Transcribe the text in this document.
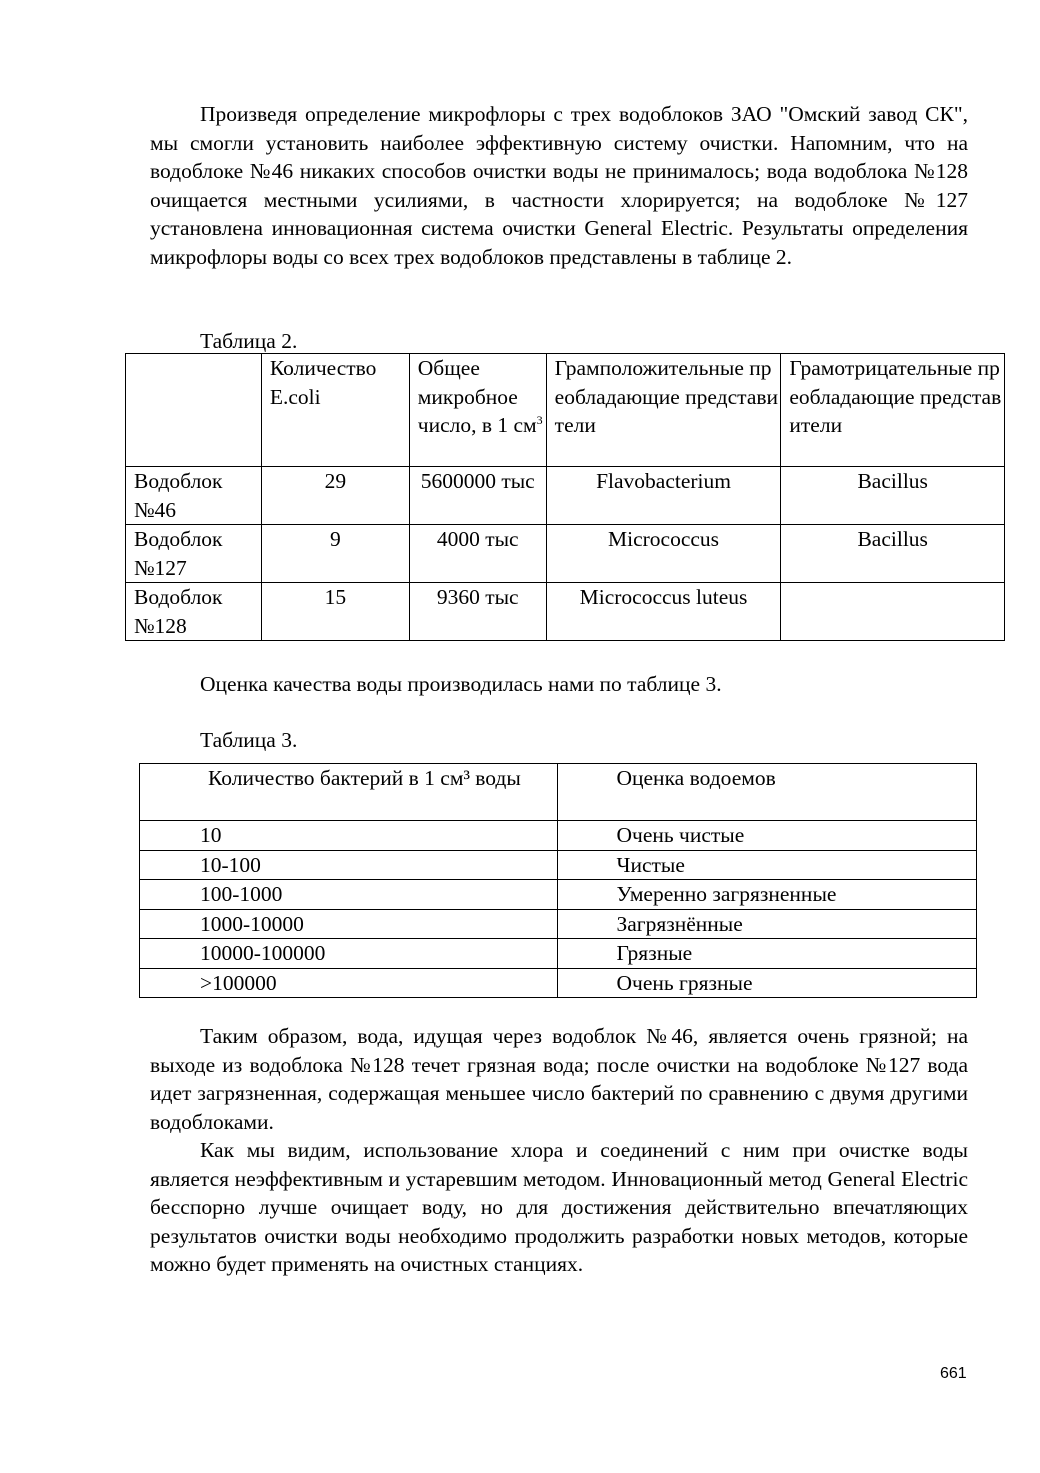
Произведя определение микрофлоры с трех водоблоков ЗАО "Омский завод СК", мы смогли установить наиболее эффективную систему очистки. Напомним, что на водоблоке №46 никаких способов очистки воды не принималось; вода водоблока №128 очищается местными усилиями, в частности хлорируется; на водоблоке №127 установлена инновационная система очистки General Electric. Результаты определения микрофлоры воды со всех трех водоблоков представлены в таблице 2.

Таблица 2.

	Количество E.coli	Общее микробное число, в 1 $см^3$	Грамположительные преобладающие представители	Грамотрицательные преобладающие представители
Водоблок №46	29	5600000 тыс	Flavobacterium	Bacillus
Водоблок №127	9	4000 тыс	Micrococcus	Bacillus
Водоблок №128	15	9360 тыс	Micrococcus luteus	

Оценка качества воды производилась нами по таблице 3.

Таблица 3.

Количество бактерий в 1 см³ воды	Оценка водоемов
10	Очень чистые
10-100	Чистые
100-1000	Умеренно загрязненные
1000-10000	Загрязнённые
10000-100000	Грязные
>100000	Очень грязные

Таким образом, вода, идущая через водоблок №46, является очень грязной; на выходе из водоблока №128 течет грязная вода; после очистки на водоблоке №127 вода идет загрязненная, содержащая меньшее число бактерий по сравнению с двумя другими водоблоками.

Как мы видим, использование хлора и соединений с ним при очистке воды является неэффективным и устаревшим методом. Инновационный метод General Electric бесспорно лучше очищает воду, но для достижения действительно впечатляющих результатов очистки воды необходимо продолжить разработки новых методов, которые можно будет применять на очистных станциях.

661
